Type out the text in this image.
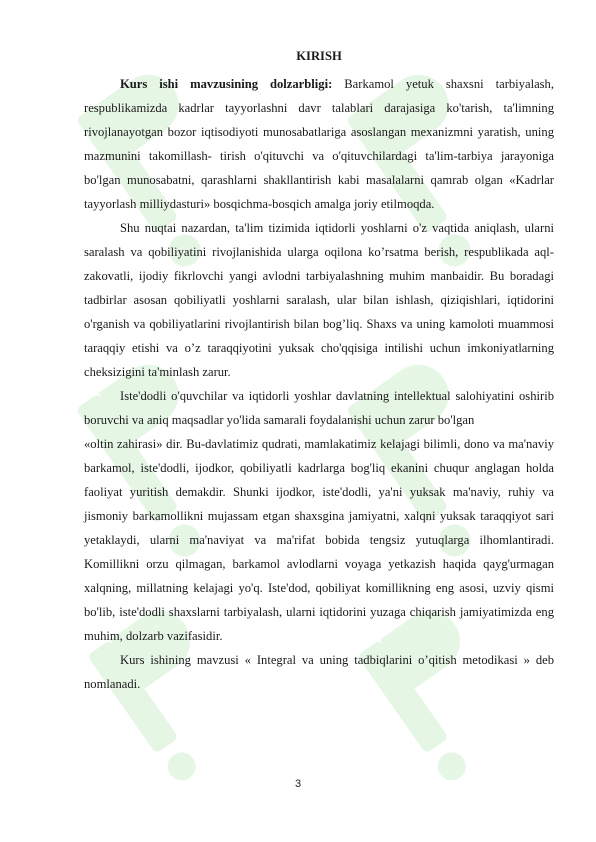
KIRISH

Kurs ishi mavzusining dolzarbligi: Barkamol yetuk shaxsni tarbiyalash, respublikamizda kadrlar tayyorlashni davr talablari darajasiga ko'tarish, ta'limning rivojlanayotgan bozor iqtisodiyoti munosabatlariga asoslangan mexanizmni yaratish, uning mazmunini takomillash- tirish o'qituvchi va o'qituvchilardagi ta'lim-tarbiya jarayoniga bo'lgan munosabatni, qarashlarni shakllantirish kabi masalalarni qamrab olgan «Kadrlar tayyorlash milliydasturi» bosqichma-bosqich amalga joriy etilmoqda.

Shu nuqtai nazardan, ta'lim tizimida iqtidorli yoshlarni o'z vaqtida aniqlash, ularni saralash va qobiliyatini rivojlanishida ularga oqilona ko’rsatma berish, respublikada aql-zakovatli, ijodiy fikrlovchi yangi avlodni tarbiyalashning muhim manbaidir. Bu boradagi tadbirlar asosan qobiliyatli yoshlarni saralash, ular bilan ishlash, qiziqishlari, iqtidorini o'rganish va qobiliyatlarini rivojlantirish bilan bog’liq. Shaxs va uning kamoloti muammosi taraqqiy etishi va o’z taraqqiyotini yuksak cho'qqisiga intilishi uchun imkoniyatlarning cheksizigini ta'minlash zarur.

Iste'dodli o'quvchilar va iqtidorli yoshlar davlatning intellektual salohiyatini oshirib boruvchi va aniq maqsadlar yo'lida samarali foydalanishi uchun zarur bo'lgan

«oltin zahirasi» dir. Bu-davlatimiz qudrati, mamlakatimiz kelajagi bilimli, dono va ma'naviy barkamol, iste'dodli, ijodkor, qobiliyatli kadrlarga bog'liq ekanini chuqur anglagan holda faoliyat yuritish demakdir. Shunki ijodkor, iste'dodli, ya'ni yuksak ma'naviy, ruhiy va jismoniy barkamollikni mujassam etgan shaxsgina jamiyatni, xalqni yuksak taraqqiyot sari yetaklaydi, ularni ma'naviyat va ma'rifat bobida tengsiz yutuqlarga ilhomlantiradi. Komillikni orzu qilmagan, barkamol avlodlarni voyaga yetkazish haqida qayg'urmagan xalqning, millatning kelajagi yo'q. Iste'dod, qobiliyat komillikning eng asosi, uzviy qismi bo'lib, iste'dodli shaxslarni tarbiyalash, ularni iqtidorini yuzaga chiqarish jamiyatimizda eng muhim, dolzarb vazifasidir.

Kurs ishining mavzusi « Integral va uning tadbiqlarini o’qitish metodikasi » deb nomlanadi.

3
